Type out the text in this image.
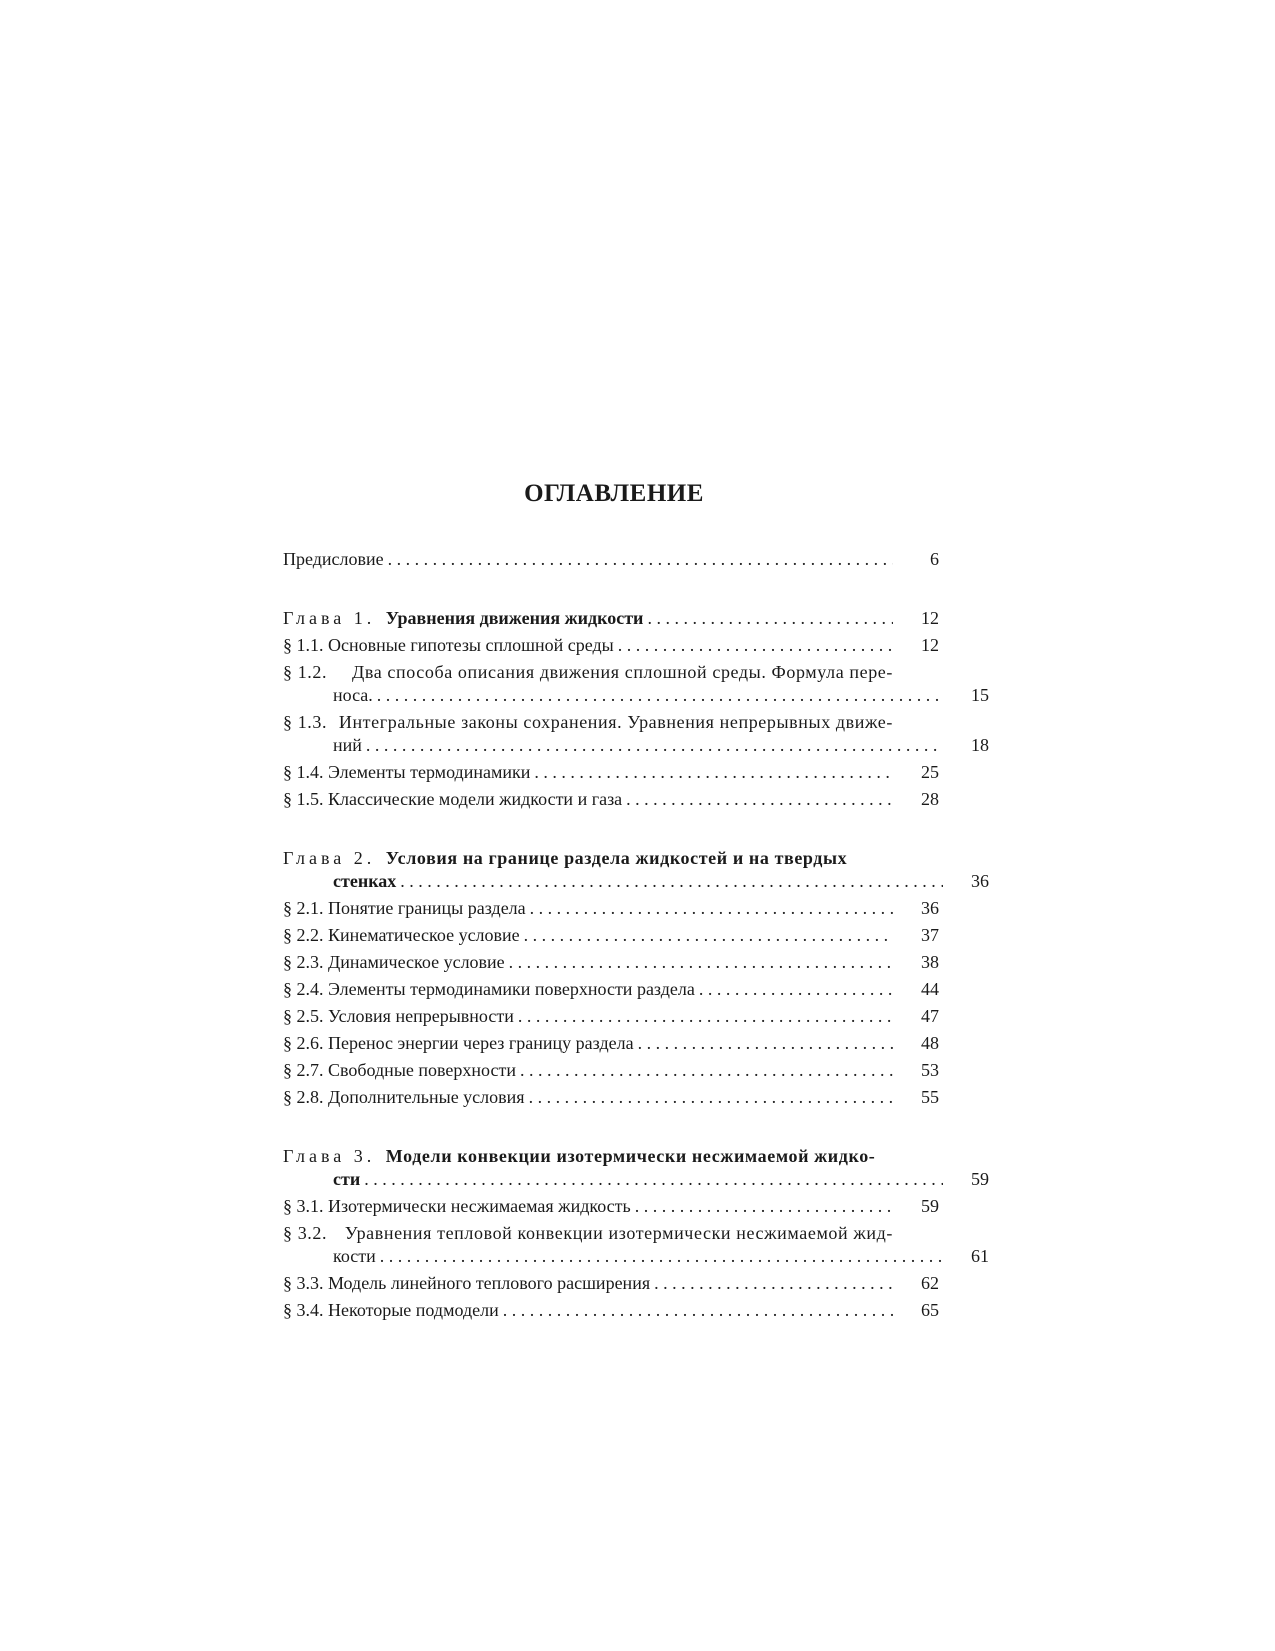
ОГЛАВЛЕНИЕ
Предисловие . . .	6
Глава 1. Уравнения движения жидкости . . .	12
§ 1.1.
Основные гипотезы сплошной среды . . .	12
§ 1.2.
Два способа описания движения сплошной среды. Формула пере-
носа. . . .	15
§ 1.3.
Интегральные законы сохранения. Уравнения непрерывных движе-
ний . . .	18
§ 1.4.
Элементы термодинамики . . .	25
§ 1.5.
Классические модели жидкости и газа . . .	28
Глава 2. Условия на границе раздела жидкостей и на твердых
стенках . . .	36
§ 2.1.
Понятие границы раздела . . .	36
§ 2.2.
Кинематическое условие . . .	37
§ 2.3.
Динамическое условие . . .	38
§ 2.4.
Элементы термодинамики поверхности раздела . . .	44
§ 2.5.
Условия непрерывности . . .	47
§ 2.6.
Перенос энергии через границу раздела . . .	48
§ 2.7.
Свободные поверхности . . .	53
§ 2.8.
Дополнительные условия . . .	55
Глава 3. Модели конвекции изотермически несжимаемой жидко-
сти . . .	59
§ 3.1.
Изотермически несжимаемая жидкость . . .	59
§ 3.2.
Уравнения тепловой конвекции изотермически несжимаемой жид-
кости . . .	61
§ 3.3.
Модель линейного теплового расширения . . .	62
§ 3.4.
Некоторые подмодели . . .	65
